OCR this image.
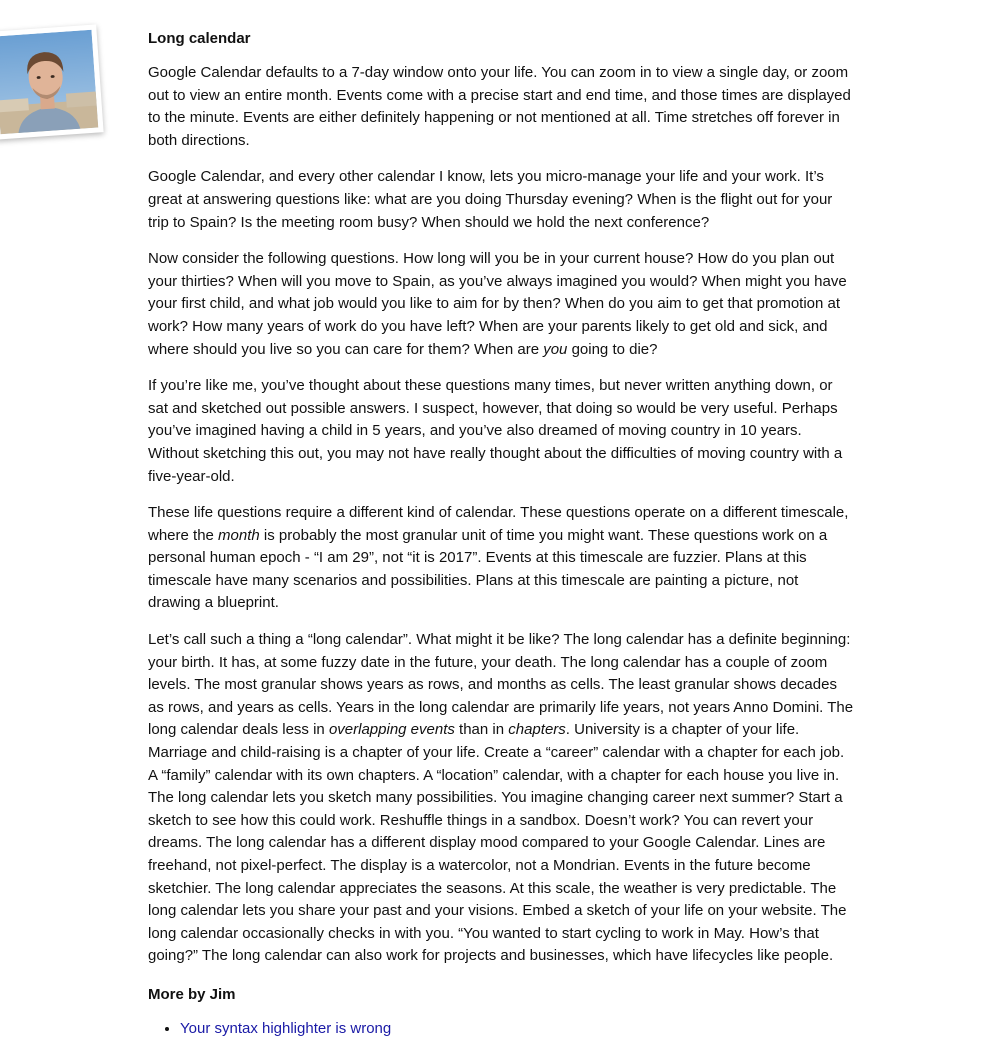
Long calendar

Google Calendar defaults to a 7-day window onto your life. You can zoom in to view a single day, or zoom out to view an entire month. Events come with a precise start and end time, and those times are displayed to the minute. Events are either definitely happening or not mentioned at all. Time stretches off forever in both directions.

Google Calendar, and every other calendar I know, lets you micro-manage your life and your work. It’s great at answering questions like: what are you doing Thursday evening? When is the flight out for your trip to Spain? Is the meeting room busy? When should we hold the next conference?

Now consider the following questions. How long will you be in your current house? How do you plan out your thirties? When will you move to Spain, as you’ve always imagined you would? When might you have your first child, and what job would you like to aim for by then? When do you aim to get that promotion at work? How many years of work do you have left? When are your parents likely to get old and sick, and where should you live so you can care for them? When are you going to die?

If you’re like me, you’ve thought about these questions many times, but never written anything down, or sat and sketched out possible answers. I suspect, however, that doing so would be very useful. Perhaps you’ve imagined having a child in 5 years, and you’ve also dreamed of moving country in 10 years. Without sketching this out, you may not have really thought about the difficulties of moving country with a five-year-old.

These life questions require a different kind of calendar. These questions operate on a different timescale, where the month is probably the most granular unit of time you might want. These questions work on a personal human epoch - “I am 29”, not “it is 2017”. Events at this timescale are fuzzier. Plans at this timescale have many scenarios and possibilities. Plans at this timescale are painting a picture, not drawing a blueprint.

Let’s call such a thing a “long calendar”. What might it be like? The long calendar has a definite beginning: your birth. It has, at some fuzzy date in the future, your death. The long calendar has a couple of zoom levels. The most granular shows years as rows, and months as cells. The least granular shows decades as rows, and years as cells. Years in the long calendar are primarily life years, not years Anno Domini. The long calendar deals less in overlapping events than in chapters. University is a chapter of your life. Marriage and child-raising is a chapter of your life. Create a “career” calendar with a chapter for each job. A “family” calendar with its own chapters. A “location” calendar, with a chapter for each house you live in. The long calendar lets you sketch many possibilities. You imagine changing career next summer? Start a sketch to see how this could work. Reshuffle things in a sandbox. Doesn’t work? You can revert your dreams. The long calendar has a different display mood compared to your Google Calendar. Lines are freehand, not pixel-perfect. The display is a watercolor, not a Mondrian. Events in the future become sketchier. The long calendar appreciates the seasons. At this scale, the weather is very predictable. The long calendar lets you share your past and your visions. Embed a sketch of your life on your website. The long calendar occasionally checks in with you. “You wanted to start cycling to work in May. How’s that going?” The long calendar can also work for projects and businesses, which have lifecycles like people.

More by Jim
• Your syntax highlighter is wrong
